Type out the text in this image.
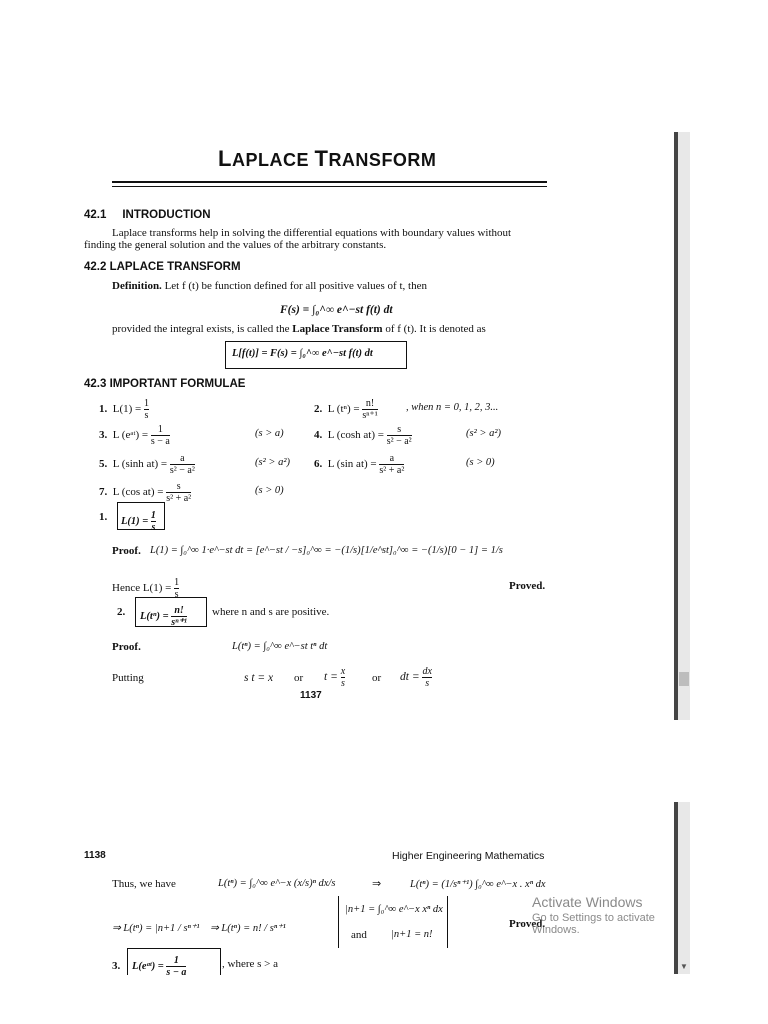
LAPLACE TRANSFORM
42.1     INTRODUCTION
Laplace transforms help in solving the differential equations with boundary values without
finding the general solution and the values of the arbitrary constants.
42.2 LAPLACE TRANSFORM
Definition. Let f (t) be function defined for all positive values of t, then
F(s) = ∫₀^∞ e^−st f(t) dt
provided the integral exists, is called the Laplace Transform of f (t). It is denoted as
L[f(t)] = F(s) = ∫₀^∞ e^−st f(t) dt
42.3 IMPORTANT FORMULAE
1. $L(1) = \frac{1}{s}$	2. L $(t^n) = \frac{n!}{\text{sⁿ⁺¹}}$	, when n = 0, 1, 2, 3...
3. L (eᵃᵗ) = $\frac{1}{s - a}$	(s > a)	4. L (cosh $at) = \frac{s}{\text{s² − a²}}$	(s² > a²)
5. L (sinh $at) = \frac{a}{\text{s² − a²}}$	(s² > a²) 6. L (sin $at) = \frac{a}{\text{s² + a²}}$	(s > 0)
7. L (cos $at) = \frac{s}{\text{s² + a²}}$	(s > 0)
1. $L(1) = \frac{1}{s}$
Proof. L(1) = ∫₀^∞ 1·e^−st dt = [e^−st / −s]₀^∞ = −(1/s)[1/e^st]₀^∞ = −(1/s)[0 − 1] = 1/s
Hence $L(1) = \frac{1}{s}$	Proved.
2. $L(t^n) = \frac{n!}{\text{sⁿ⁺¹}}$ where n and s are positive.
Proof.	L(tⁿ) = ∫₀^∞ e^−st tⁿ dt
Putting	s t = x or $t = \frac{x}{s}$ or dt = $\frac{dx}{s}$
1137
1138	Higher Engineering Mathematics
Thus, we have	L(tⁿ) = ∫₀^∞ e^−x (x/s)ⁿ dx/s	⇒	L(tⁿ) = (1/sⁿ⁺¹) ∫₀^∞ e^−x . xⁿ dx
⇒ L(tⁿ) = |n+1 / sⁿ⁺¹ ⇒ L(tⁿ) = n! / sⁿ⁺¹
|n+1 = ∫₀^∞ e^−x xⁿ dx
and |n+1 = n!
Proved.
3. L(eᵃᵗ) = $\frac{1}{s - a}$	, where s > a	▼
Activate Windows
Go to Settings to activate
Windows.
